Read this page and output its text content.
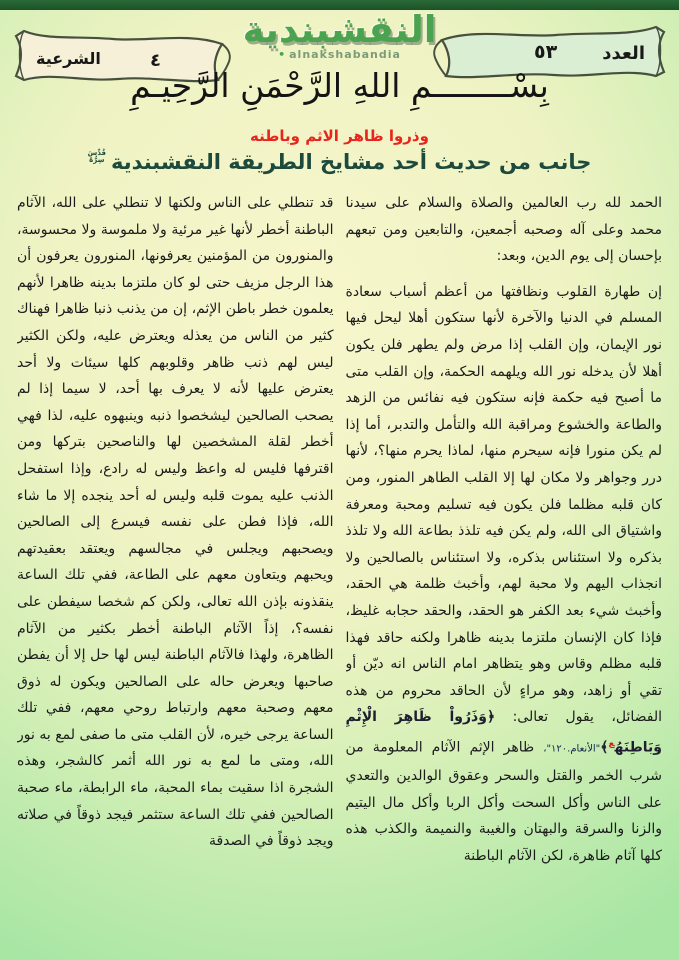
العدد
٥٣
الشرعية	٤
النقشبندية
• alnakshabandia
بِسْــــــــمِ اللهِ الرَّحْمَنِ الرَّحِيـمِ
وذروا ظاهر الاثم وباطنه
جانب من حديث أحد مشايخ الطريقة النقشبندية
قُدِّسَ
سِرُّهُ

الحمد لله رب العالمين والصلاة والسلام على سيدنا محمد وعلى آله وصحبه أجمعين، والتابعين ومن تبعهم بإحسان إلى يوم الدين، وبعد:

إن طهارة القلوب ونظافتها من أعظم أسباب سعادة المسلم في الدنيا والآخرة لأنها ستكون أهلا ليحل فيها نور الإيمان، وإن القلب إذا مرض ولم يطهر فلن يكون أهلا لأن يدخله نور الله ويلهمه الحكمة، وإن القلب متى ما أصبح فيه حكمة فإنه ستكون فيه نفائس من الزهد والطاعة والخشوع ومراقبة الله والتأمل والتدبر، أما إذا لم يكن منورا فإنه سيحرم منها، لماذا يحرم منها؟، لأنها درر وجواهر ولا مكان لها إلا القلب الطاهر المنور، ومن كان قلبه مظلما فلن يكون فيه تسليم ومحبة ومعرفة واشتياق الى الله، ولم يكن فيه تلذذ بطاعة الله ولا تلذذ بذكره ولا استئناس بذكره، ولا استئناس بالصالحين ولا انجذاب اليهم ولا محبة لهم، وأخبث ظلمة هي الحقد، وأخبث شيء بعد الكفر هو الحقد، والحقد حجابه غليظ، فإذا كان الإنسان ملتزما بدينه ظاهرا ولكنه حاقد فهذا قلبه مظلم وقاس وهو يتظاهر امام الناس انه ديّن أو تقي أو زاهد، وهو مراءٍ لأن الحاقد محروم من هذه الفضائل، يقول تعالى: ﴿وَذَرُواْ ظَاهِرَ الْإِثْمِ وَبَاطِنَهُ$^ع$﴾"الأنعام.١٢٠"، ظاهر الإثم الآثام المعلومة من شرب الخمر والقتل والسحر وعقوق الوالدين والتعدي على الناس وأكل السحت وأكل الربا وأكل مال اليتيم والزنا والسرقة والبهتان والغيبة والنميمة والكذب هذه كلها آثام ظاهرة، لكن الآثام الباطنة

قد تنطلي على الناس ولكنها لا تنطلي على الله، الآثام الباطنة أخطر لأنها غير مرئية ولا ملموسة ولا محسوسة، والمنورون من المؤمنين يعرفونها، المنورون يعرفون أن هذا الرجل مزيف حتى لو كان ملتزما بدينه ظاهرا لأنهم يعلمون خطر باطن الإثم، إن من يذنب ذنبا ظاهرا فهناك كثير من الناس من يعذله ويعترض عليه، ولكن الكثير ليس لهم ذنب ظاهر وقلوبهم كلها سيئات ولا أحد يعترض عليها لأنه لا يعرف بها أحد، لا سيما إذا لم يصحب الصالحين ليشخصوا ذنبه وينبهوه عليه، لذا فهي أخطر لقلة المشخصين لها والناصحين بتركها ومن اقترفها فليس له واعظ وليس له رادع، وإذا استفحل الذنب عليه يموت قلبه وليس له أحد ينجده إلا ما شاء الله، فإذا فطن على نفسه فيسرع إلى الصالحين ويصحبهم ويجلس في مجالسهم ويعتقد بعقيدتهم ويحبهم ويتعاون معهم على الطاعة، ففي تلك الساعة ينقذونه بإذن الله تعالى، ولكن كم شخصا سيفطن على نفسه؟، إذاً الآثام الباطنة أخطر بكثير من الآثام الظاهرة، ولهذا فالآثام الباطنة ليس لها حل إلا أن يفطن صاحبها ويعرض حاله على الصالحين ويكون له ذوق معهم وصحبة معهم وارتباط روحي معهم، ففي تلك الساعة يرجى خيره، لأن القلب متى ما صفى لمع به نور الله، ومتى ما لمع به نور الله أثمر كالشجر، وهذه الشجرة اذا سقيت بماء المحبة، ماء الرابطة، ماء صحبة الصالحين ففي تلك الساعة ستثمر فيجد ذوقاً في صلاته ويجد ذوقاً في الصدقة
